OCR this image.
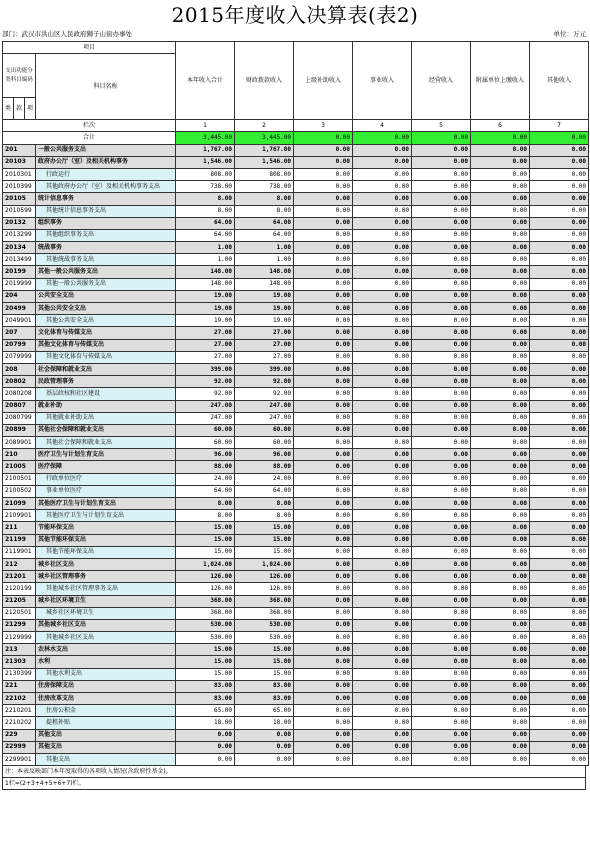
2015年度收入决算表(表2)
部门：武汉市洪山区人民政府狮子山街办事处	单位：万元
项目				本年收入合计	财政拨款收入	上级补助收入	事业收入	经营收入	附属单位上缴收入	其他收入
支出功能分类科目编码			科目名称							
类	款	项								
栏次				1	2	3	4	5	6	7
合计				3,445.00	3,445.00	0.00	0.00	0.00	0.00	0.00
201			一般公共服务支出	1,767.00	1,767.00	0.00	0.00	0.00	0.00	0.00
20103			政府办公厅（室）及相关机构事务	1,546.00	1,546.00	0.00	0.00	0.00	0.00	0.00
2010301			行政运行	808.00	808.00	0.00	0.00	0.00	0.00	0.00
2010399			其他政府办公厅（室）及相关机构事务支出	738.00	738.00	0.00	0.00	0.00	0.00	0.00
20105			统计信息事务	8.00	8.00	0.00	0.00	0.00	0.00	0.00
2010599			其他统计信息事务支出	8.00	8.00	0.00	0.00	0.00	0.00	0.00
20132			组织事务	64.00	64.00	0.00	0.00	0.00	0.00	0.00
2013299			其他组织事务支出	64.00	64.00	0.00	0.00	0.00	0.00	0.00
20134			统战事务	1.00	1.00	0.00	0.00	0.00	0.00	0.00
2013499			其他统战事务支出	1.00	1.00	0.00	0.00	0.00	0.00	0.00
20199			其他一般公共服务支出	148.00	148.00	0.00	0.00	0.00	0.00	0.00
2019999			其他一般公共服务支出	148.00	148.00	0.00	0.00	0.00	0.00	0.00
204			公共安全支出	19.00	19.00	0.00	0.00	0.00	0.00	0.00
20499			其他公共安全支出	19.00	19.00	0.00	0.00	0.00	0.00	0.00
2049901			其他公共安全支出	19.00	19.00	0.00	0.00	0.00	0.00	0.00
207			文化体育与传媒支出	27.00	27.00	0.00	0.00	0.00	0.00	0.00
20799			其他文化体育与传媒支出	27.00	27.00	0.00	0.00	0.00	0.00	0.00
2079999			其他文化体育与传媒支出	27.00	27.00	0.00	0.00	0.00	0.00	0.00
208			社会保障和就业支出	399.00	399.00	0.00	0.00	0.00	0.00	0.00
20802			民政管理事务	92.00	92.00	0.00	0.00	0.00	0.00	0.00
2080208			基层政权和社区建设	92.00	92.00	0.00	0.00	0.00	0.00	0.00
20807			就业补助	247.00	247.00	0.00	0.00	0.00	0.00	0.00
2080799			其他就业补助支出	247.00	247.00	0.00	0.00	0.00	0.00	0.00
20899			其他社会保障和就业支出	60.00	60.00	0.00	0.00	0.00	0.00	0.00
2089901			其他社会保障和就业支出	60.00	60.00	0.00	0.00	0.00	0.00	0.00
210			医疗卫生与计划生育支出	96.00	96.00	0.00	0.00	0.00	0.00	0.00
21005			医疗保障	88.00	88.00	0.00	0.00	0.00	0.00	0.00
2100501			行政单位医疗	24.00	24.00	0.00	0.00	0.00	0.00	0.00
2100502			事业单位医疗	64.00	64.00	0.00	0.00	0.00	0.00	0.00
21099			其他医疗卫生与计划生育支出	8.00	8.00	0.00	0.00	0.00	0.00	0.00
2109901			其他医疗卫生与计划生育支出	8.00	8.00	0.00	0.00	0.00	0.00	0.00
211			节能环保支出	15.00	15.00	0.00	0.00	0.00	0.00	0.00
21199			其他节能环保支出	15.00	15.00	0.00	0.00	0.00	0.00	0.00
2119901			其他节能环保支出	15.00	15.00	0.00	0.00	0.00	0.00	0.00
212			城乡社区支出	1,024.00	1,024.00	0.00	0.00	0.00	0.00	0.00
21201			城乡社区管理事务	126.00	126.00	0.00	0.00	0.00	0.00	0.00
2120199			其他城乡社区管理事务支出	126.00	126.00	0.00	0.00	0.00	0.00	0.00
21205			城乡社区环境卫生	368.00	368.00	0.00	0.00	0.00	0.00	0.00
2120501			城乡社区环境卫生	368.00	368.00	0.00	0.00	0.00	0.00	0.00
21299			其他城乡社区支出	530.00	530.00	0.00	0.00	0.00	0.00	0.00
2129999			其他城乡社区支出	530.00	530.00	0.00	0.00	0.00	0.00	0.00
213			农林水支出	15.00	15.00	0.00	0.00	0.00	0.00	0.00
21303			水利	15.00	15.00	0.00	0.00	0.00	0.00	0.00
2130399			其他水利支出	15.00	15.00	0.00	0.00	0.00	0.00	0.00
221			住房保障支出	83.00	83.00	0.00	0.00	0.00	0.00	0.00
22102			住房改革支出	83.00	83.00	0.00	0.00	0.00	0.00	0.00
2210201			住房公积金	65.00	65.00	0.00	0.00	0.00	0.00	0.00
2210202			提租补贴	18.00	18.00	0.00	0.00	0.00	0.00	0.00
229			其他支出	0.00	0.00	0.00	0.00	0.00	0.00	0.00
22999			其他支出	0.00	0.00	0.00	0.00	0.00	0.00	0.00
2299901			其他支出	0.00	0.00	0.00	0.00	0.00	0.00	0.00
注：本表反映部门本年度取得的各项收入情况(含政府性基金)。
1栏=(2+3+4+5+6+7)栏。
